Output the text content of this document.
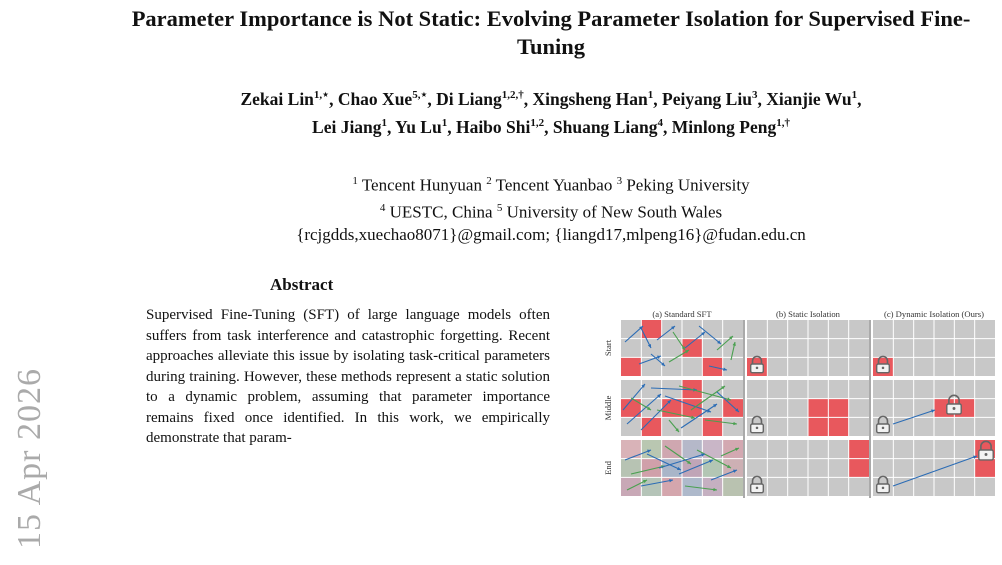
15 Apr 2026
Parameter Importance is Not Static: Evolving Parameter Isolation for Supervised Fine-Tuning
Zekai Lin$^{1,⋆}$, Chao Xue$^{5,⋆}$, Di Liang$^{1,2,\dagger}$, Xingsheng Han$^1$, Peiyang Liu$^3$, Xianjie Wu$^1$,
Lei Jiang$^1$, Yu Lu$^1$, Haibo Shi$^{1,2}$, Shuang Liang$^4$, Minlong Peng$^{1,\dagger}$
$^1$ Tencent Hunyuan $^2$ Tencent Yuanbao $^3$ Peking University
$^4$ UESTC, China $^5$ University of New South Wales
{rcjgdds,xuechao8071}@gmail.com; {liangd17,mlpeng16}@fudan.edu.cn
Abstract
Supervised Fine-Tuning (SFT) of large language models often suffers from task interference and catastrophic forgetting. Recent approaches alleviate this issue by isolating task-critical parameters during training. However, these methods represent a static solution to a dynamic problem, assuming that parameter importance remains fixed once identified. In this work, we empirically demonstrate that param-
(a) Standard SFT	(b) Static Isolation	(c) Dynamic Isolation (Ours)
Start
Middle
End
